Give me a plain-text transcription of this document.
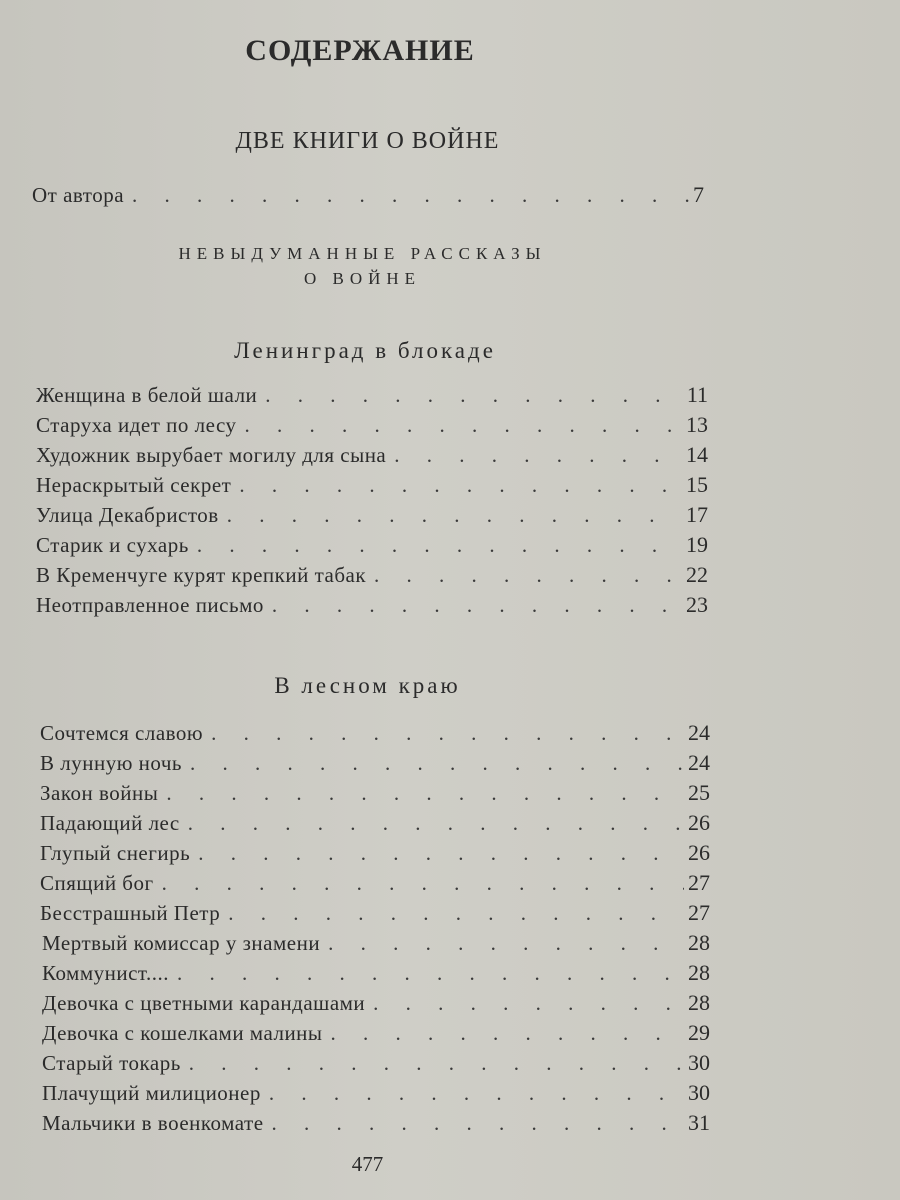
СОДЕРЖАНИЕ
ДВЕ КНИГИ О ВОЙНЕ
От автора . . .	7
НЕВЫДУМАННЫЕ РАССКАЗЫ
О ВОЙНЕ
Ленинград в блокаде
Женщина в белой шали . . .	11
Старуха идет по лесу . . .	13
Художник вырубает могилу для сына . . .	14
Нераскрытый секрет . . .	15
Улица Декабристов . . .	17
Старик и сухарь . . .	19
В Кременчуге курят крепкий табак . . .	22
Неотправленное письмо . . .	23
В лесном краю
Сочтемся славою . . .	24
В лунную ночь . . .	24
Закон войны . . .	25
Падающий лес . . .	26
Глупый снегирь . . .	26
Спящий бог . . .	27
Бесстрашный Петр . . .	27
Мертвый комиссар у знамени . . .	28
Коммунист.... . . .	28
Девочка с цветными карандашами . . .	28
Девочка с кошелками малины . . .	29
Старый токарь . . .	30
Плачущий милиционер . . .	30
Мальчики в военкомате . . .	31
477
